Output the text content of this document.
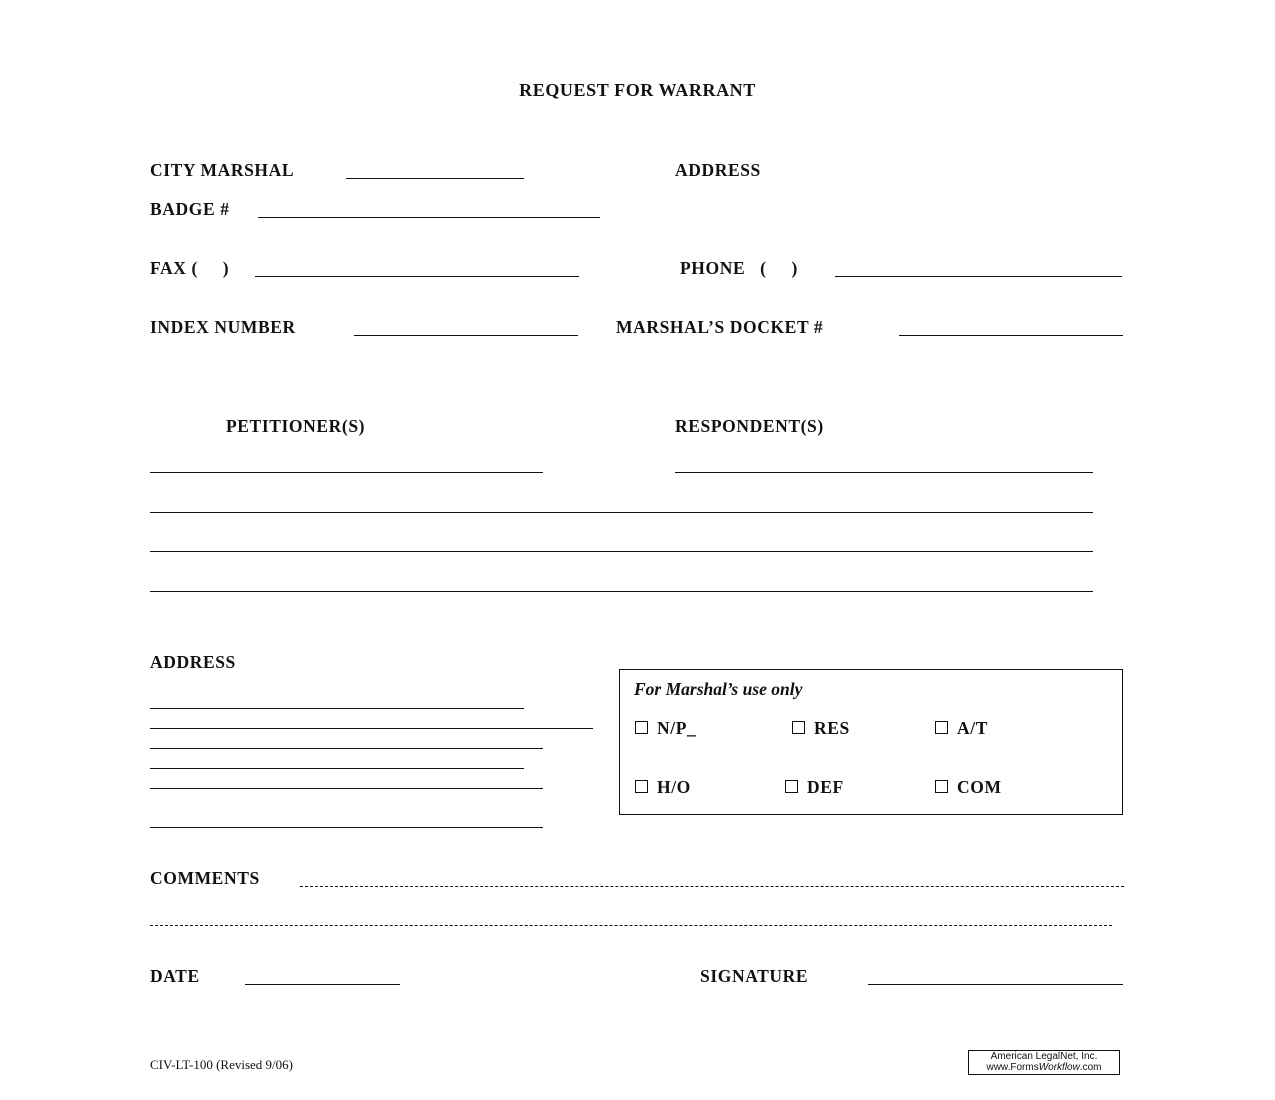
REQUEST FOR WARRANT
CITY MARSHAL	ADDRESS
BADGE #
FAX (     )	PHONE   (     )
INDEX NUMBER	MARSHAL’S DOCKET #
PETITIONER(S)	RESPONDENT(S)
ADDRESS
For Marshal’s use only
N/P_	RES	A/T
H/O	DEF	COM
COMMENTS
DATE	SIGNATURE
CIV-LT-100 (Revised 9/06)
American LegalNet, Inc.
www.FormsWorkflow.com
